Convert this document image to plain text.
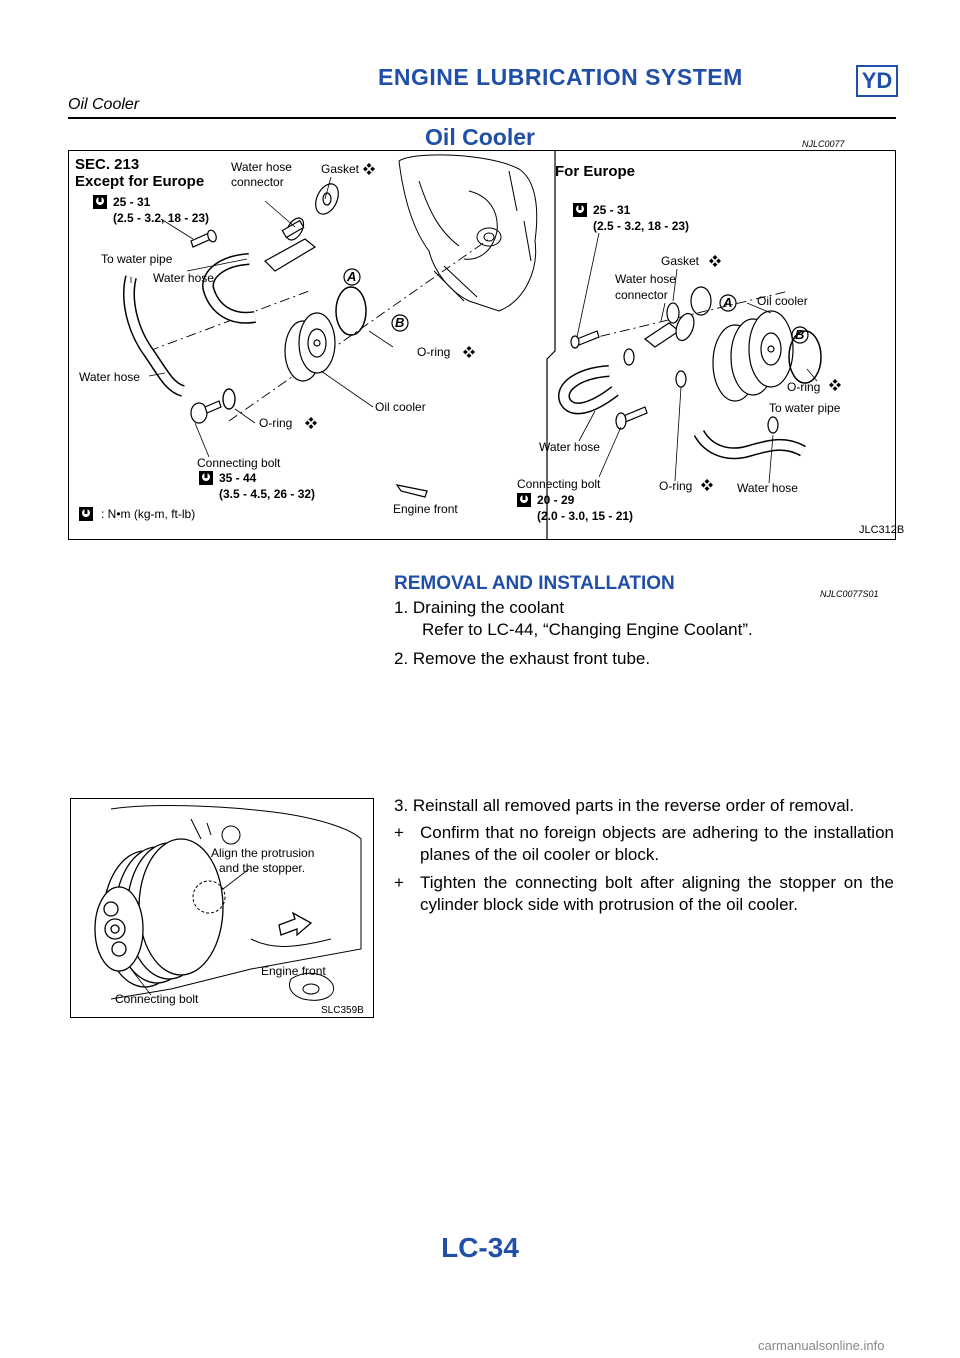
ENGINE LUBRICATION SYSTEM	YD
Oil Cooler
Oil Cooler	NJLC0077
SEC. 213
Except for Europe
For Europe
25 - 31
(2.5 - 3.2, 18 - 23)
Water hose
connector
Gasket
To water pipe
Water hose
Water hose
A
B
O-ring
Oil cooler
O-ring
Connecting bolt
35 - 44
(3.5 - 4.5, 26 - 32)
: N•m (kg-m, ft-lb)	Engine front
25 - 31
(2.5 - 3.2, 18 - 23)
Gasket
Water hose
connector	A Oil cooler
B
O-ring
To water pipe
Water hose
Connecting bolt	O-ring	Water hose
20 - 29
(2.0 - 3.0, 15 - 21)
JLC312B
REMOVAL AND INSTALLATION	NJLC0077S01
1. Draining the coolant
Refer to LC-44, “Changing Engine Coolant”.
2. Remove the exhaust front tube.
3. Reinstall all removed parts in the reverse order of removal.
+ Confirm that no foreign objects are adhering to the installation planes of the oil cooler or block.
+ Tighten the connecting bolt after aligning the stopper on the cylinder block side with protrusion of the oil cooler.
Align the protrusion
and the stopper.
Engine front
Connecting bolt
SLC359B
LC-34
carmanualsonline.info
